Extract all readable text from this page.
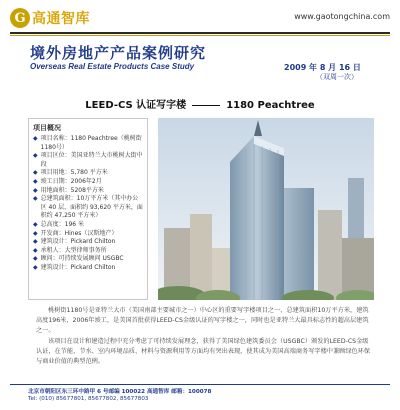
G 高通智库	www.gaotongchina.com
境外房地产产品案例研究
Overseas Real Estate Products Case Study	2009 年 8 月 16 日
（双周一次）
LEED-CS 认证写字楼	1180 Peachtree
项目概况
◆ 项目名称：1180 Peachtree（桃树街1180号）
◆ 项目区位：美国亚特兰大市桃树大街中段
◆ 项目用地：5,780 平方米
◆ 竣工日期：2006年2月
◆ 用地面积：5208平方米
◆ 总建筑面积：10万平方米（其中办公区 40 层，面积约 93,620 平方米，面积约 47,250 平方米）
◆ 总高度：196 米
◆ 开发商：Hines（汉斯地产）
◆ 建筑设计：Pickard Chilton
◆ 承租人：大型律师事务所
◆ 顾问：可持续发展顾问 USGBC
◆ 建筑设计：Pickard Chilton

桃树街1180号是亚特兰大市（美国南部主要城市之一）中心区的重要写字楼项目之一，总建筑面积10万平方米，建筑高度196米，2006年竣工，是美国首批获得LEED-CS金级认证的写字楼之一，同时也是亚特兰大最具标志性的超高层建筑之一。

该项目在设计和建造过程中充分考虑了可持续发展理念，获得了美国绿色建筑委员会（USGBC）颁发的LEED-CS金级认证，在节能、节水、室内环境品质、材料与资源利用等方面均有突出表现，使其成为美国高端商务写字楼中兼顾绿色环保与商业价值的典型范例。

北京市朝阳区东三环中路甲 6 号邮编 100022 高通智库 邮箱：100078
Tel: (010) 85677801, 85677802, 85677803
